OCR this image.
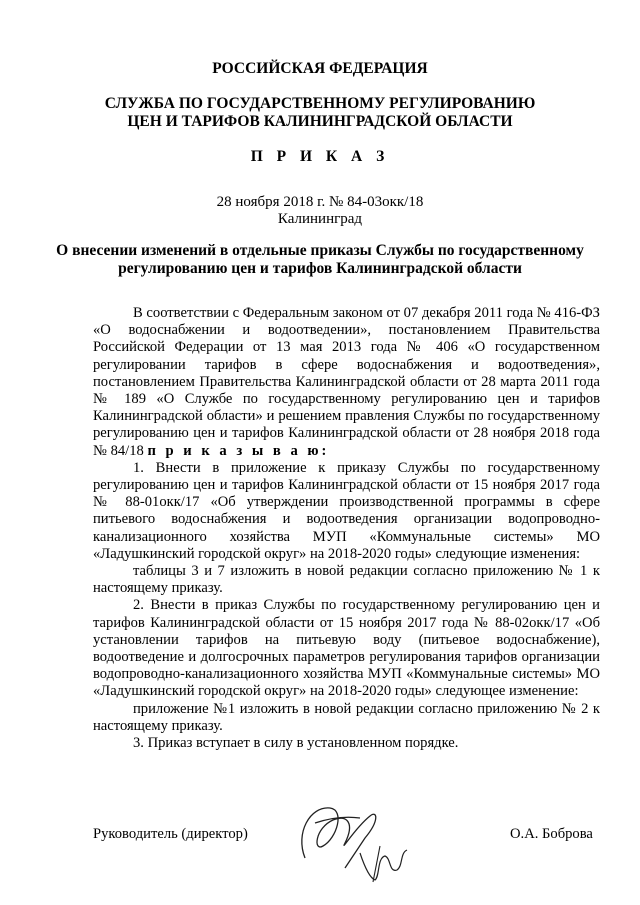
РОССИЙСКАЯ ФЕДЕРАЦИЯ
СЛУЖБА ПО ГОСУДАРСТВЕННОМУ РЕГУЛИРОВАНИЮ
ЦЕН И ТАРИФОВ КАЛИНИНГРАДСКОЙ ОБЛАСТИ
П Р И К А З
28 ноября 2018 г. № 84-03окк/18
Калининград
О внесении изменений в отдельные приказы Службы по государственному
регулированию цен и тарифов Калининградской области

В соответствии с Федеральным законом от 07 декабря 2011 года № 416-ФЗ «О водоснабжении и водоотведении», постановлением Правительства Российской Федерации от 13 мая 2013 года № 406 «О государственном регулировании тарифов в сфере водоснабжения и водоотведения», постановлением Правительства Калининградской области от 28 марта 2011 года № 189 «О Службе по государственному регулированию цен и тарифов Калининградской области» и решением правления Службы по государственному регулированию цен и тарифов Калининградской области от 28 ноября 2018 года № 84/18 п р и к а з ы в а ю:

1. Внести в приложение к приказу Службы по государственному регулированию цен и тарифов Калининградской области от 15 ноября 2017 года № 88-01окк/17 «Об утверждении производственной программы в сфере питьевого водоснабжения и водоотведения организации водопроводно-канализационного хозяйства МУП «Коммунальные системы» МО «Ладушкинский городской округ» на 2018-2020 годы» следующие изменения:

таблицы 3 и 7 изложить в новой редакции согласно приложению № 1 к настоящему приказу.

2. Внести в приказ Службы по государственному регулированию цен и тарифов Калининградской области от 15 ноября 2017 года № 88-02окк/17 «Об установлении тарифов на питьевую воду (питьевое водоснабжение), водоотведение и долгосрочных параметров регулирования тарифов организации водопроводно-канализационного хозяйства МУП «Коммунальные системы» МО «Ладушкинский городской округ» на 2018-2020 годы» следующее изменение:

приложение №1 изложить в новой редакции согласно приложению № 2 к настоящему приказу.

3. Приказ вступает в силу в установленном порядке.

Руководитель (директор)	О.А. Боброва
